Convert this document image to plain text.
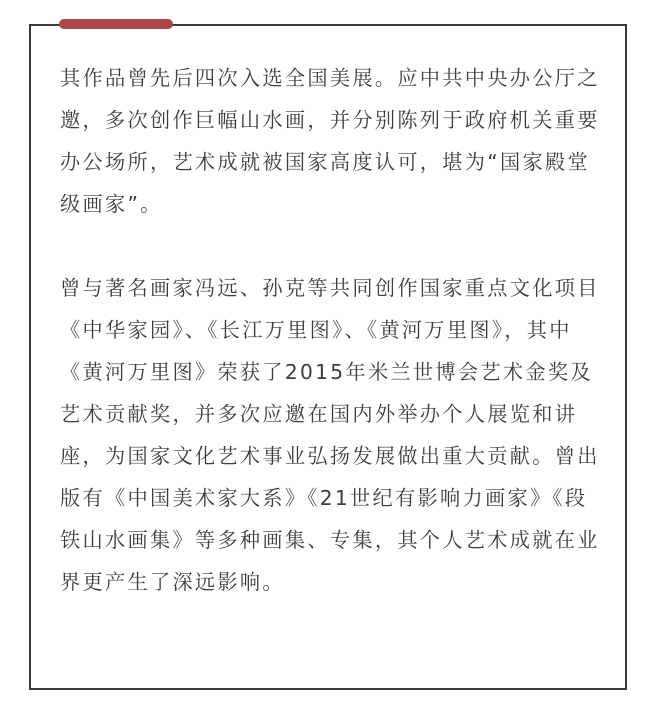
其作品曾先后四次入选全国美展。应中共中央办公厅之邀，多次创作巨幅山水画，并分别陈列于政府机关重要办公场所，艺术成就被国家高度认可，堪为“国家殿堂级画家”。

曾与著名画家冯远、孙克等共同创作国家重点文化项目《中华家园》、《长江万里图》、《黄河万里图》，其中《黄河万里图》荣获了2015年米兰世博会艺术金奖及艺术贡献奖，并多次应邀在国内外举办个人展览和讲座，为国家文化艺术事业弘扬发展做出重大贡献。曾出版有《中国美术家大系》《21世纪有影响力画家》《段铁山水画集》等多种画集、专集，其个人艺术成就在业界更产生了深远影响。
